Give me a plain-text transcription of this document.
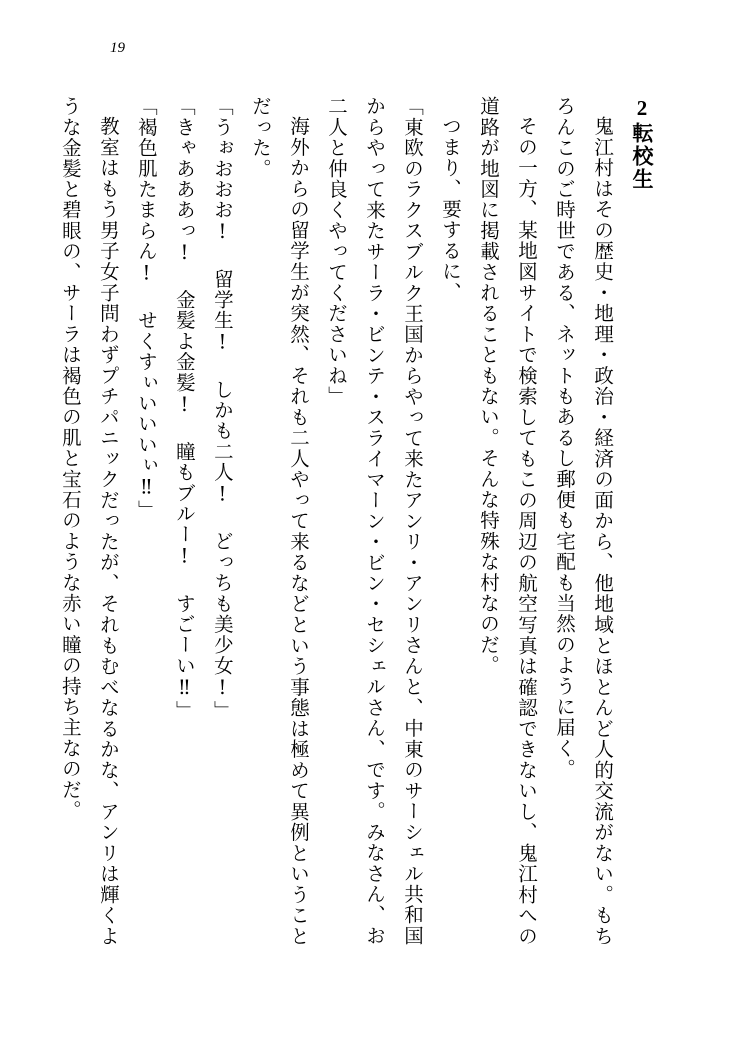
19
2転校生
鬼江村はその歴史・地理・政治・経済の面から、他地域とほとんど人的交流がない。もちろんこのご時世である、ネットもあるし郵便も宅配も当然のように届く。
その一方、某地図サイトで検索してもこの周辺の航空写真は確認できないし、鬼江村への道路が地図に掲載されることもない。そんな特殊な村なのだ。
つまり、要するに、
「東欧のラクスブルク王国からやって来たアンリ・アンリさんと、中東のサーシェル共和国からやって来たサーラ・ビンテ・スライマーン・ビン・セシェルさん、です。みなさん、お二人と仲良くやってくださいね」
海外からの留学生が突然、それも二人やって来るなどという事態は極めて異例ということだった。
「うぉおおお! 留学生! しかも二人! どっちも美少女!」
「きゃあああっ! 金髪よ金髪! 瞳もブルー! すごーい‼」
「褐色肌たまらん! せくすぃいいいぃ‼」
教室はもう男子女子問わずプチパニックだったが、それもむべなるかな、アンリは輝くような金髪と碧眼の、サーラは褐色の肌と宝石のような赤い瞳の持ち主なのだ。
